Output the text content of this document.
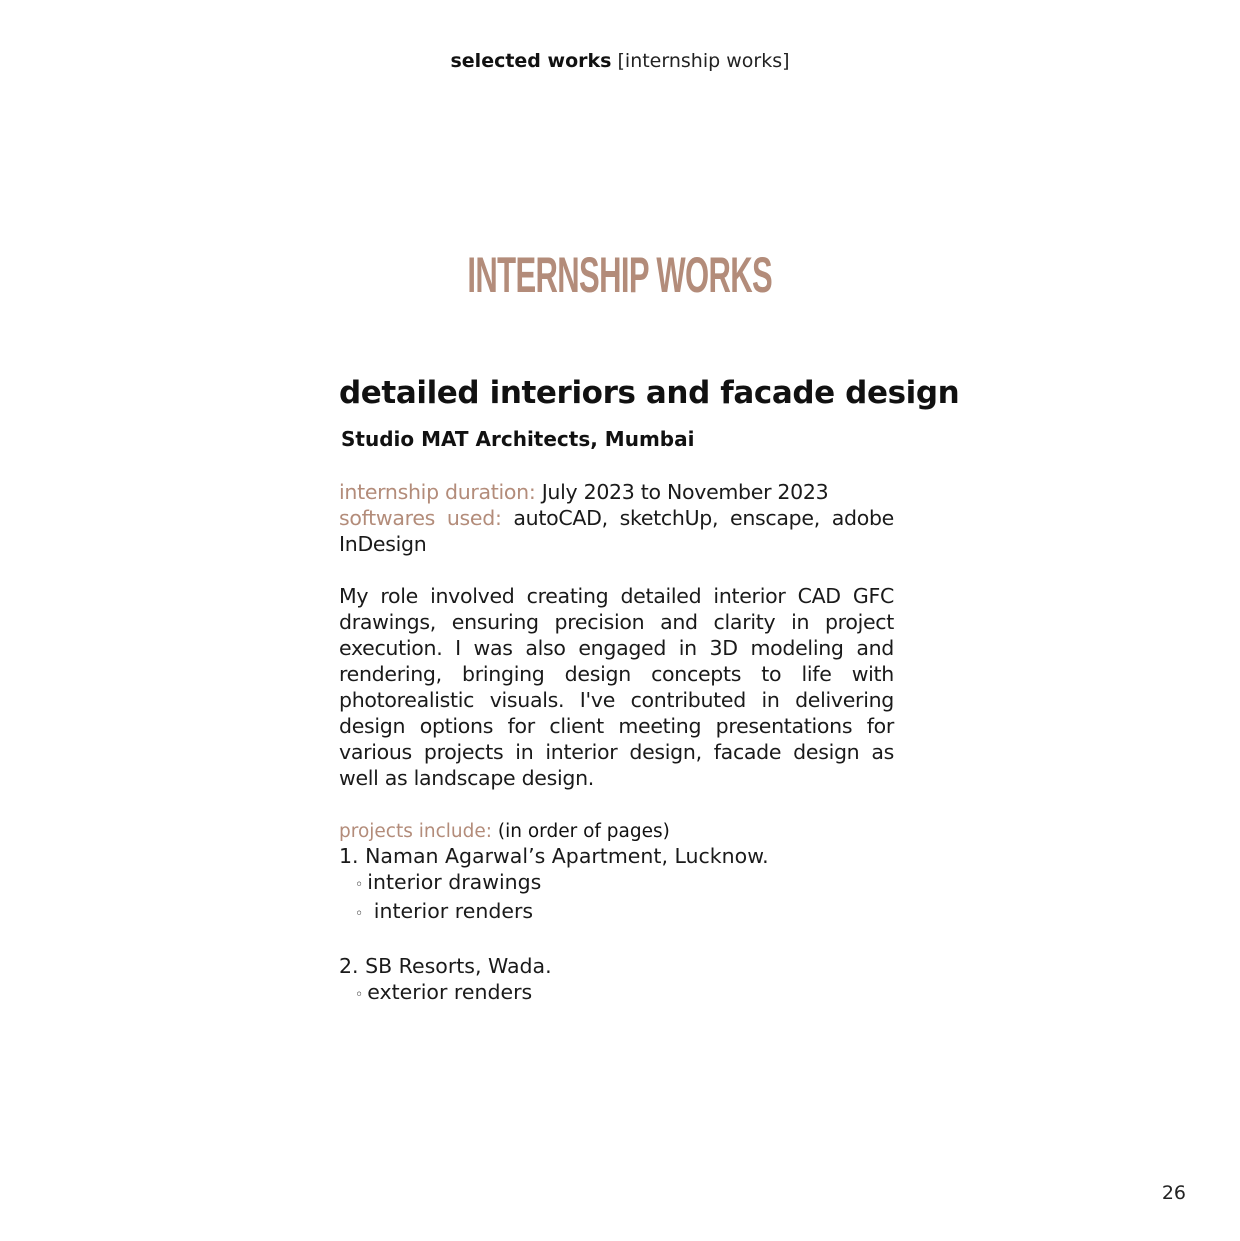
selected works [internship works]
INTERNSHIP WORKS
detailed interiors and facade design
Studio MAT Architects, Mumbai
internship duration: July 2023 to November 2023
softwares used: autoCAD, sketchUp, enscape, adobe InDesign
My role involved creating detailed interior CAD GFC drawings, ensuring precision and clarity in project execution. I was also engaged in 3D modeling and rendering, bringing design concepts to life with photorealistic visuals. I've contributed in delivering design options for client meeting presentations for various projects in interior design, facade design as well as landscape design.
projects include: (in order of pages)
1. Naman Agarwal’s Apartment, Lucknow.
◦ interior drawings
◦ interior renders
2. SB Resorts, Wada.
◦ exterior renders
26
